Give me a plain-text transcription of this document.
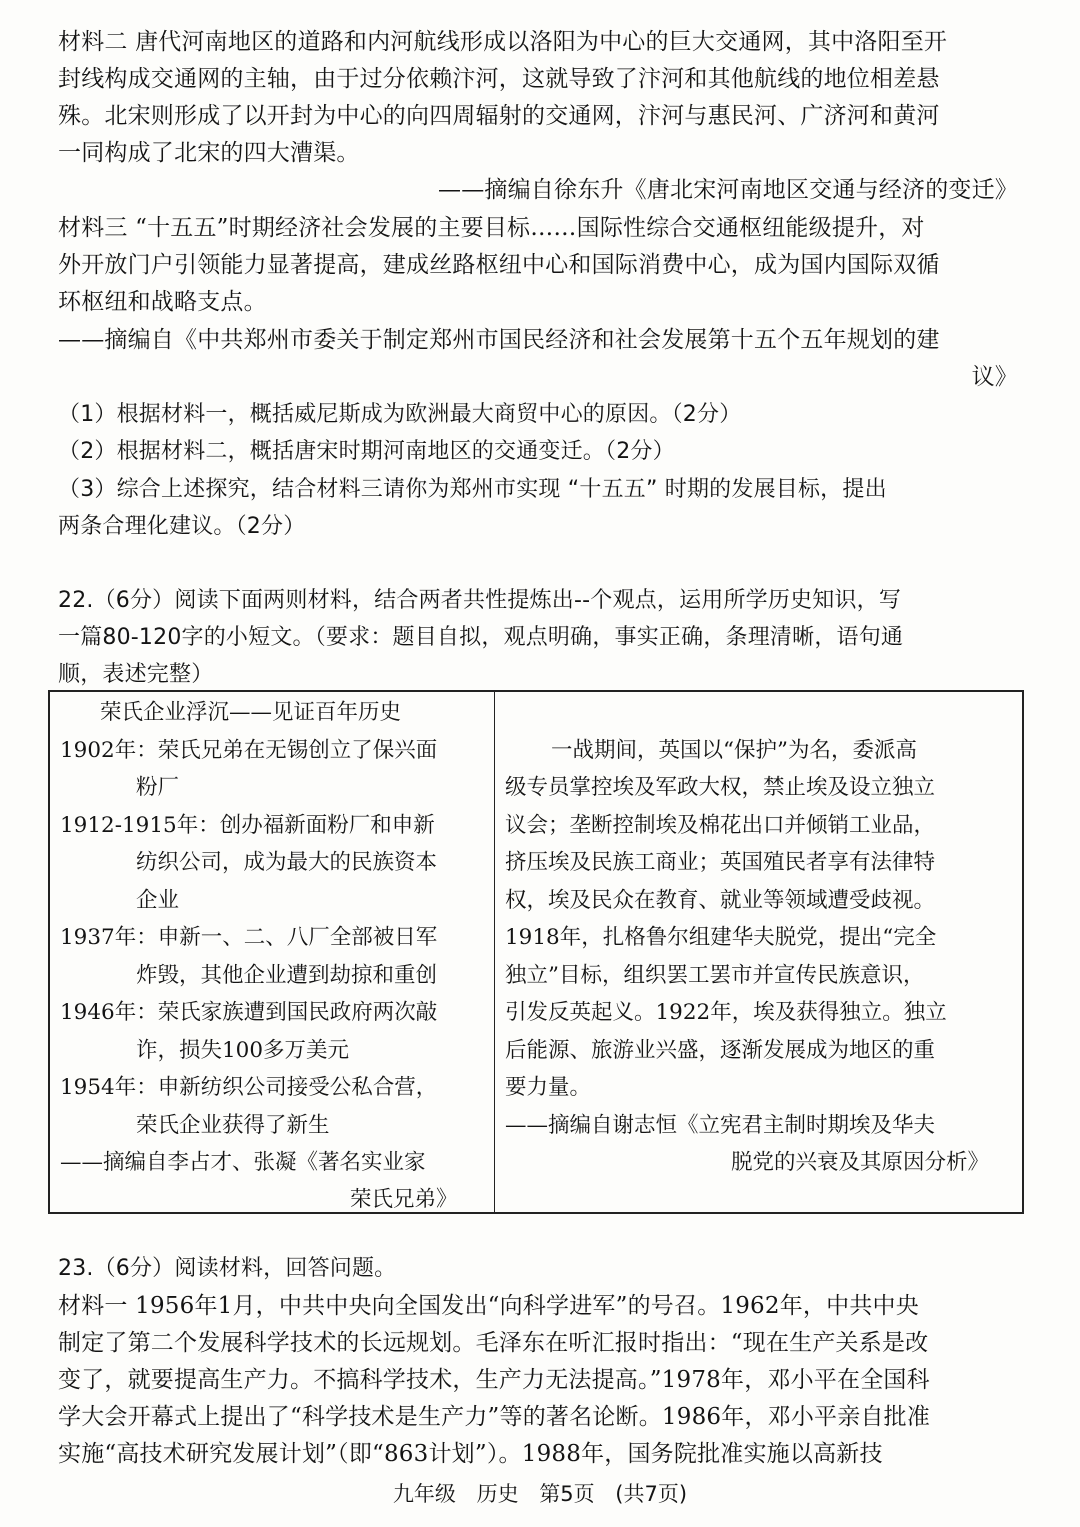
材料二 唐代河南地区的道路和内河航线形成以洛阳为中心的巨大交通网，其中洛阳至开
封线构成交通网的主轴，由于过分依赖汴河，这就导致了汴河和其他航线的地位相差悬
殊。北宋则形成了以开封为中心的向四周辐射的交通网，汴河与惠民河、广济河和黄河
一同构成了北宋的四大漕渠。
——摘编自徐东升《唐北宋河南地区交通与经济的变迁》
材料三 “十五五”时期经济社会发展的主要目标……国际性综合交通枢纽能级提升，对
外开放门户引领能力显著提高，建成丝路枢纽中心和国际消费中心，成为国内国际双循
环枢纽和战略支点。
——摘编自《中共郑州市委关于制定郑州市国民经济和社会发展第十五个五年规划的建
议》
（1）根据材料一，概括威尼斯成为欧洲最大商贸中心的原因。（2分）
（2）根据材料二，概括唐宋时期河南地区的交通变迁。（2分）
（3）综合上述探究，结合材料三请你为郑州市实现 “十五五” 时期的发展目标，提出
两条合理化建议。（2分）
22.（6分）阅读下面两则材料，结合两者共性提炼出--个观点，运用所学历史知识，写
一篇80-120字的小短文。（要求：题目自拟，观点明确，事实正确，条理清晰，语句通
顺，表述完整）
荣氏企业浮沉——见证百年历史
1902年：荣氏兄弟在无锡创立了保兴面
粉厂
1912-1915年：创办福新面粉厂和申新
纺织公司，成为最大的民族资本
企业
1937年：申新一、二、八厂全部被日军
炸毁，其他企业遭到劫掠和重创
1946年：荣氏家族遭到国民政府两次敲
诈，损失100多万美元
1954年：申新纺织公司接受公私合营，
荣氏企业获得了新生
——摘编自李占才、张凝《著名实业家
荣氏兄弟》

一战期间，英国以“保护”为名，委派高
级专员掌控埃及军政大权，禁止埃及设立独立
议会；垄断控制埃及棉花出口并倾销工业品，
挤压埃及民族工商业；英国殖民者享有法律特
权，埃及民众在教育、就业等领域遭受歧视。
1918年，扎格鲁尔组建华夫脱党，提出“完全
独立”目标，组织罢工罢市并宣传民族意识，
引发反英起义。1922年，埃及获得独立。独立
后能源、旅游业兴盛，逐渐发展成为地区的重
要力量。
——摘编自谢志恒《立宪君主制时期埃及华夫
脱党的兴衰及其原因分析》
23.（6分）阅读材料，回答问题。
材料一 1956年1月，中共中央向全国发出“向科学进军”的号召。1962年，中共中央
制定了第二个发展科学技术的长远规划。毛泽东在听汇报时指出：“现在生产关系是改
变了，就要提高生产力。不搞科学技术，生产力无法提高。”1978年，邓小平在全国科
学大会开幕式上提出了“科学技术是生产力”等的著名论断。1986年，邓小平亲自批准
实施“高技术研究发展计划”（即“863计划”）。1988年，国务院批准实施以高新技
九年级 历史 第5页 (共7页)
